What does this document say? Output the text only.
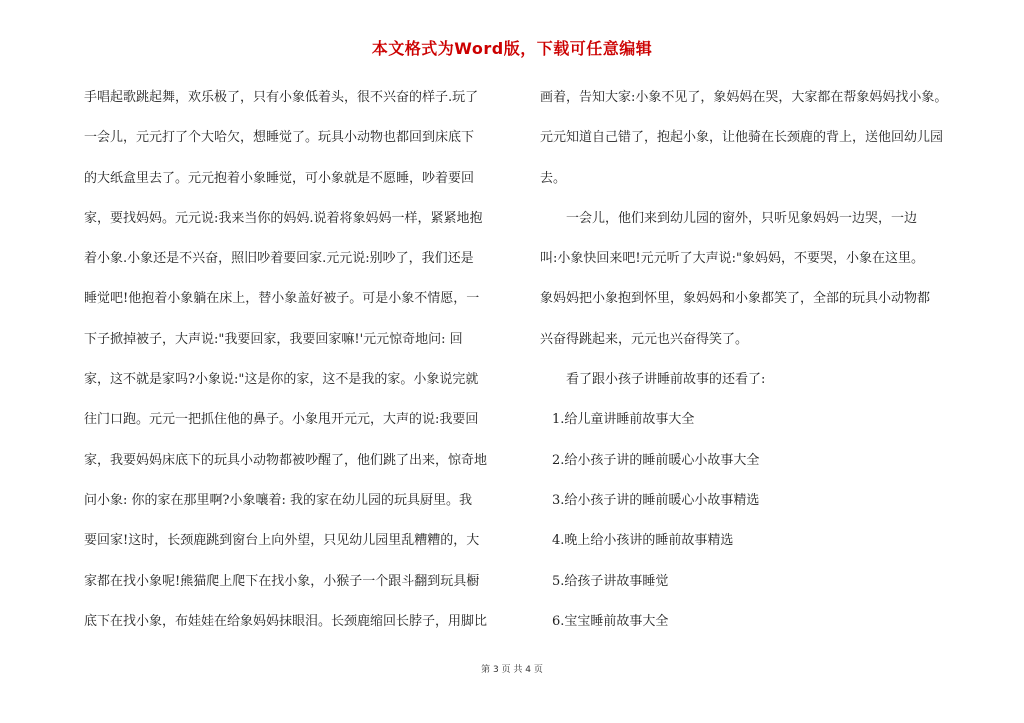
本文格式为Word版，下载可任意编辑
手唱起歌跳起舞，欢乐极了，只有小象低着头，很不兴奋的样子.玩了
一会儿，元元打了个大哈欠，想睡觉了。玩具小动物也都回到床底下
的大纸盒里去了。元元抱着小象睡觉，可小象就是不愿睡，吵着要回
家，要找妈妈。元元说:我来当你的妈妈.说着将象妈妈一样，紧紧地抱
着小象.小象还是不兴奋，照旧吵着要回家.元元说:别吵了，我们还是
睡觉吧!他抱着小象躺在床上，替小象盖好被子。可是小象不情愿，一
下子掀掉被子，大声说:"我要回家，我要回家嘛!'元元惊奇地问: 回
家，这不就是家吗?小象说:"这是你的家，这不是我的家。小象说完就
往门口跑。元元一把抓住他的鼻子。小象甩开元元，大声的说:我要回
家，我要妈妈床底下的玩具小动物都被吵醒了，他们跳了出来，惊奇地
问小象: 你的家在那里啊?小象嚷着: 我的家在幼儿园的玩具厨里。我
要回家!这时，长颈鹿跳到窗台上向外望，只见幼儿园里乱糟糟的，大
家都在找小象呢!熊猫爬上爬下在找小象，小猴子一个跟斗翻到玩具橱
底下在找小象，布娃娃在给象妈妈抹眼泪。长颈鹿缩回长脖子，用脚比
画着，告知大家:小象不见了，象妈妈在哭，大家都在帮象妈妈找小象。
元元知道自己错了，抱起小象，让他骑在长颈鹿的背上，送他回幼儿园
去。
　　一会儿，他们来到幼儿园的窗外，只听见象妈妈一边哭，一边
叫:小象快回来吧!元元听了大声说:"象妈妈，不要哭，小象在这里。
象妈妈把小象抱到怀里，象妈妈和小象都笑了，全部的玩具小动物都
兴奋得跳起来，元元也兴奋得笑了。
　　看了跟小孩子讲睡前故事的还看了:
1.给儿童讲睡前故事大全
2.给小孩子讲的睡前暖心小故事大全
3.给小孩子讲的睡前暖心小故事精选
4.晚上给小孩讲的睡前故事精选
5.给孩子讲故事睡觉
6.宝宝睡前故事大全
第 3 页 共 4 页
